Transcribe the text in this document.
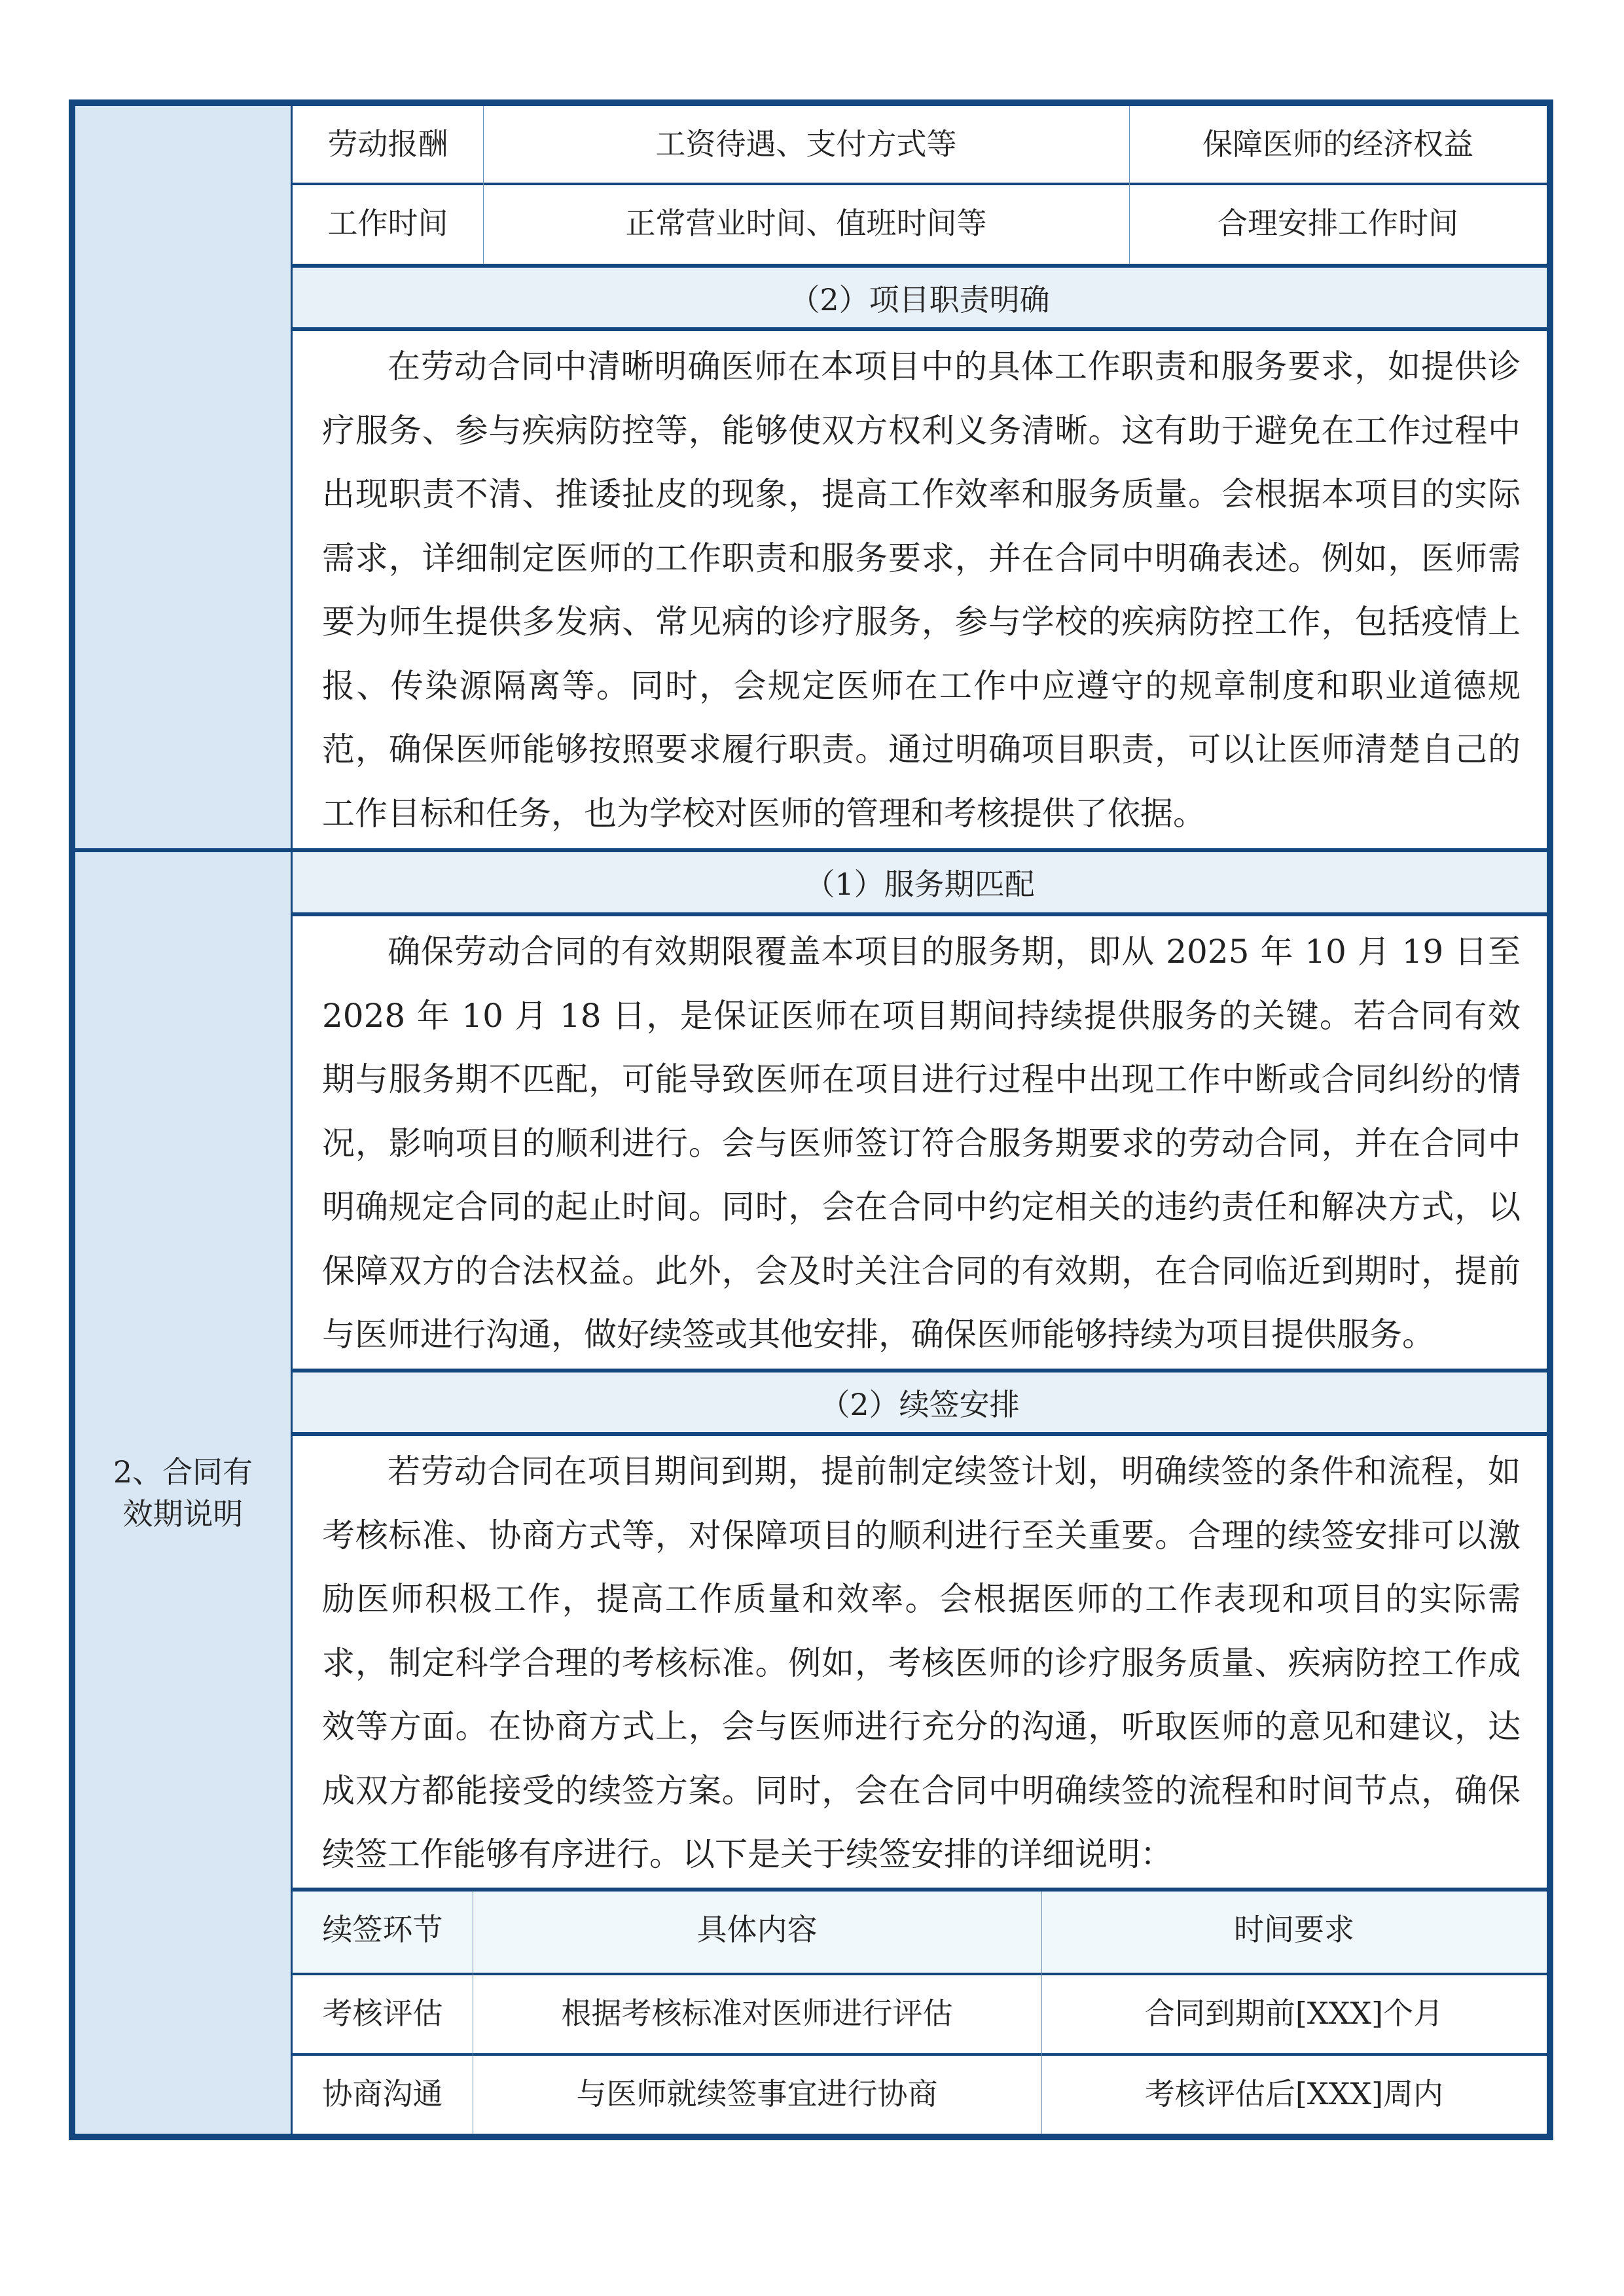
2、合同有效期说明
劳动报酬	工资待遇、支付方式等	保障医师的经济权益
工作时间	正常营业时间、值班时间等	合理安排工作时间
（2）项目职责明确
在劳动合同中清晰明确医师在本项目中的具体工作职责和服务要求，如提供诊疗服务、参与疾病防控等，能够使双方权利义务清晰。这有助于避免在工作过程中出现职责不清、推诿扯皮的现象，提高工作效率和服务质量。会根据本项目的实际需求，详细制定医师的工作职责和服务要求，并在合同中明确表述。例如，医师需要为师生提供多发病、常见病的诊疗服务，参与学校的疾病防控工作，包括疫情上报、传染源隔离等。同时，会规定医师在工作中应遵守的规章制度和职业道德规范，确保医师能够按照要求履行职责。通过明确项目职责，可以让医师清楚自己的工作目标和任务，也为学校对医师的管理和考核提供了依据。
（1）服务期匹配
确保劳动合同的有效期限覆盖本项目的服务期，即从 2025 年 10 月 19 日至 2028 年 10 月 18 日，是保证医师在项目期间持续提供服务的关键。若合同有效期与服务期不匹配，可能导致医师在项目进行过程中出现工作中断或合同纠纷的情况，影响项目的顺利进行。会与医师签订符合服务期要求的劳动合同，并在合同中明确规定合同的起止时间。同时，会在合同中约定相关的违约责任和解决方式，以保障双方的合法权益。此外，会及时关注合同的有效期，在合同临近到期时，提前与医师进行沟通，做好续签或其他安排，确保医师能够持续为项目提供服务。
（2）续签安排
若劳动合同在项目期间到期，提前制定续签计划，明确续签的条件和流程，如考核标准、协商方式等，对保障项目的顺利进行至关重要。合理的续签安排可以激励医师积极工作，提高工作质量和效率。会根据医师的工作表现和项目的实际需求，制定科学合理的考核标准。例如，考核医师的诊疗服务质量、疾病防控工作成效等方面。在协商方式上，会与医师进行充分的沟通，听取医师的意见和建议，达成双方都能接受的续签方案。同时，会在合同中明确续签的流程和时间节点，确保续签工作能够有序进行。以下是关于续签安排的详细说明：
续签环节	具体内容	时间要求
考核评估	根据考核标准对医师进行评估	合同到期前[XXX]个月
协商沟通	与医师就续签事宜进行协商	考核评估后[XXX]周内
